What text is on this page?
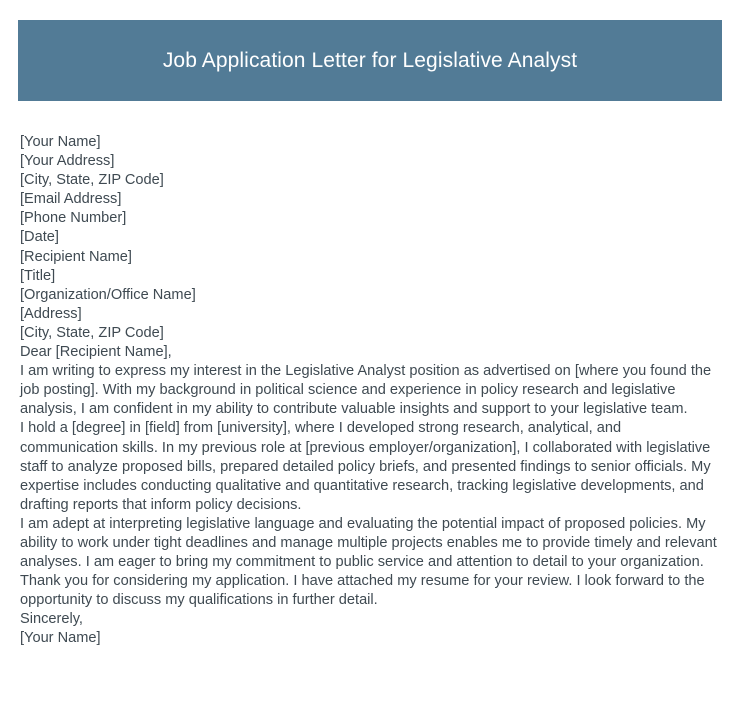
Job Application Letter for Legislative Analyst
[Your Name]
[Your Address]
[City, State, ZIP Code]
[Email Address]
[Phone Number]
[Date]
[Recipient Name]
[Title]
[Organization/Office Name]
[Address]
[City, State, ZIP Code]
Dear [Recipient Name],

I am writing to express my interest in the Legislative Analyst position as advertised on [where you found the job posting]. With my background in political science and experience in policy research and legislative analysis, I am confident in my ability to contribute valuable insights and support to your legislative team.

I hold a [degree] in [field] from [university], where I developed strong research, analytical, and communication skills. In my previous role at [previous employer/organization], I collaborated with legislative staff to analyze proposed bills, prepared detailed policy briefs, and presented findings to senior officials. My expertise includes conducting qualitative and quantitative research, tracking legislative developments, and drafting reports that inform policy decisions.

I am adept at interpreting legislative language and evaluating the potential impact of proposed policies. My ability to work under tight deadlines and manage multiple projects enables me to provide timely and relevant analyses. I am eager to bring my commitment to public service and attention to detail to your organization.

Thank you for considering my application. I have attached my resume for your review. I look forward to the opportunity to discuss my qualifications in further detail.

Sincerely,
[Your Name]
